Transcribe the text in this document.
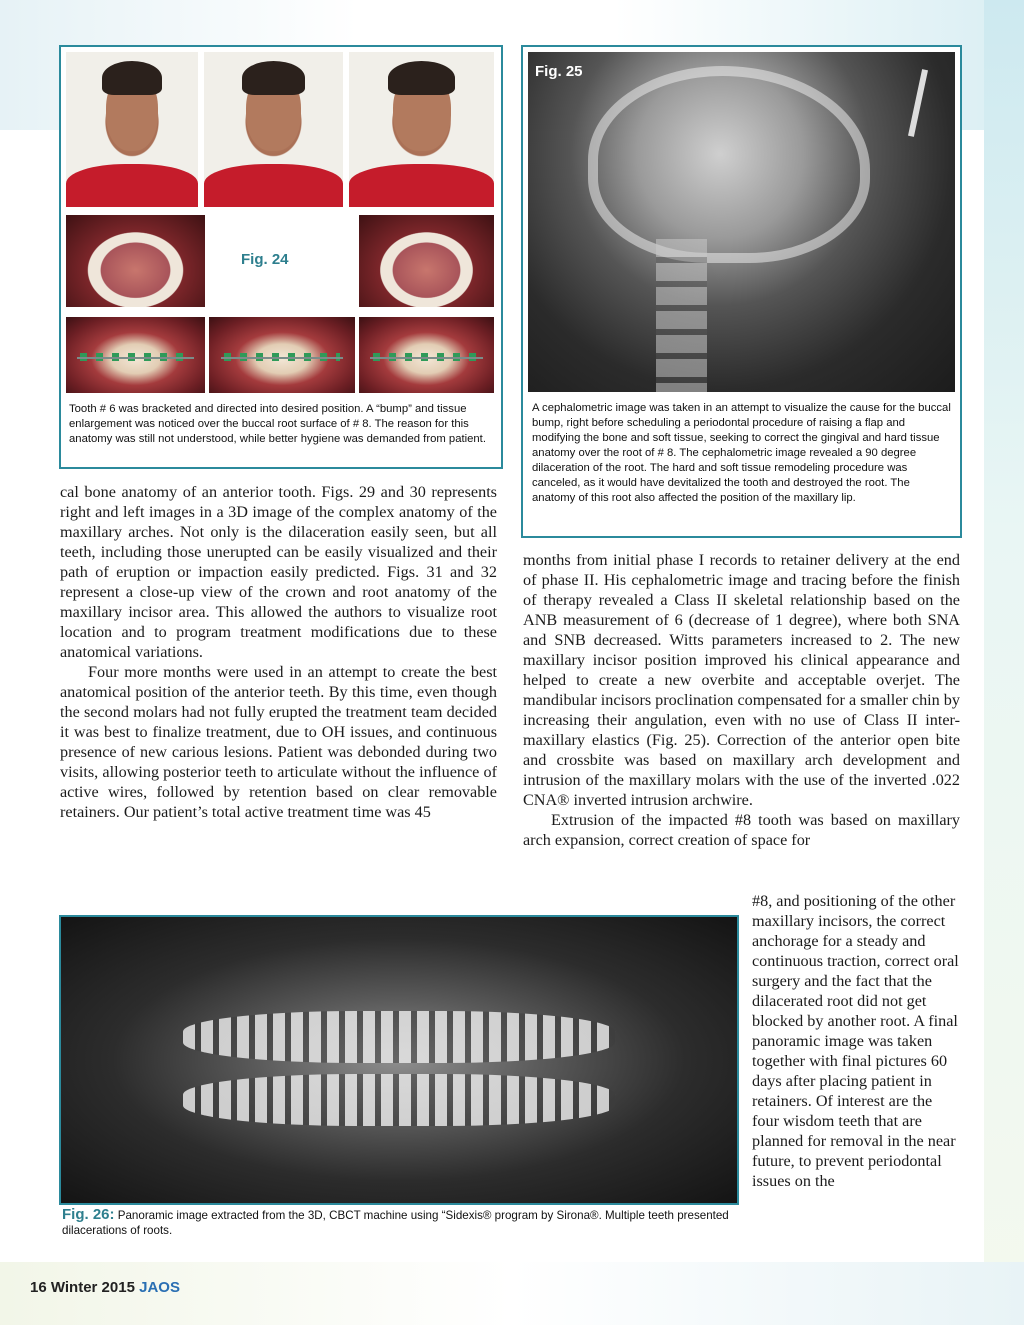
Fig. 24
Tooth # 6 was bracketed and directed into desired position. A “bump” and tissue enlargement was noticed over the buccal root surface of # 8. The reason for this anatomy was still not understood, while better hygiene was demanded from patient.
Fig. 25
A cephalometric image was taken in an attempt to visualize the cause for the buccal bump, right before scheduling a periodontal procedure of raising a flap and modifying the bone and soft tissue, seeking to correct the gingival and hard tissue anatomy over the root of # 8. The cephalometric image revealed a 90 degree dilaceration of the root. The hard and soft tissue remodeling procedure was canceled, as it would have devitalized the tooth and destroyed the root. The anatomy of this root also affected the position of the maxillary lip.

cal bone anatomy of an anterior tooth. Figs. 29 and 30 represents right and left images in a 3D image of the complex anatomy of the maxillary arches. Not only is the dilaceration easily seen, but all teeth, including those unerupted can be easily visualized and their path of eruption or impaction easily predicted. Figs. 31 and 32 represent a close-up view of the crown and root anatomy of the maxillary incisor area. This allowed the authors to visualize root location and to program treatment modifications due to these anatomical variations.

Four more months were used in an attempt to create the best anatomical position of the anterior teeth. By this time, even though the second molars had not fully erupted the treatment team decided it was best to finalize treatment, due to OH issues, and continuous presence of new carious lesions. Patient was debonded during two visits, allowing posterior teeth to articulate without the influence of active wires, followed by retention based on clear removable retainers. Our patient’s total active treatment time was 45

months from initial phase I records to retainer delivery at the end of phase II. His cephalometric image and tracing before the finish of therapy revealed a Class II skeletal relationship based on the ANB measurement of 6 (decrease of 1 degree), where both SNA and SNB decreased. Witts parameters increased to 2. The new maxillary incisor position improved his clinical appearance and helped to create a new overbite and acceptable overjet. The mandibular incisors proclination compensated for a smaller chin by increasing their angulation, even with no use of Class II inter-maxillary elastics (Fig. 25). Correction of the anterior open bite and crossbite was based on maxillary arch development and intrusion of the maxillary molars with the use of the inverted .022 CNA® inverted intrusion archwire.

Extrusion of the impacted #8 tooth was based on maxillary arch expansion, correct creation of space for

#8, and positioning of the other maxillary incisors, the correct anchorage for a steady and continuous traction, correct oral surgery and the fact that the dilacerated root did not get blocked by another root. A final panoramic image was taken together with final pictures 60 days after placing patient in retainers. Of interest are the four wisdom teeth that are planned for removal in the near future, to prevent periodontal issues on the

Fig. 26: Panoramic image extracted from the 3D, CBCT machine using “Sidexis® program by Sirona®. Multiple teeth presented dilacerations of roots.
16 Winter 2015 JAOS
